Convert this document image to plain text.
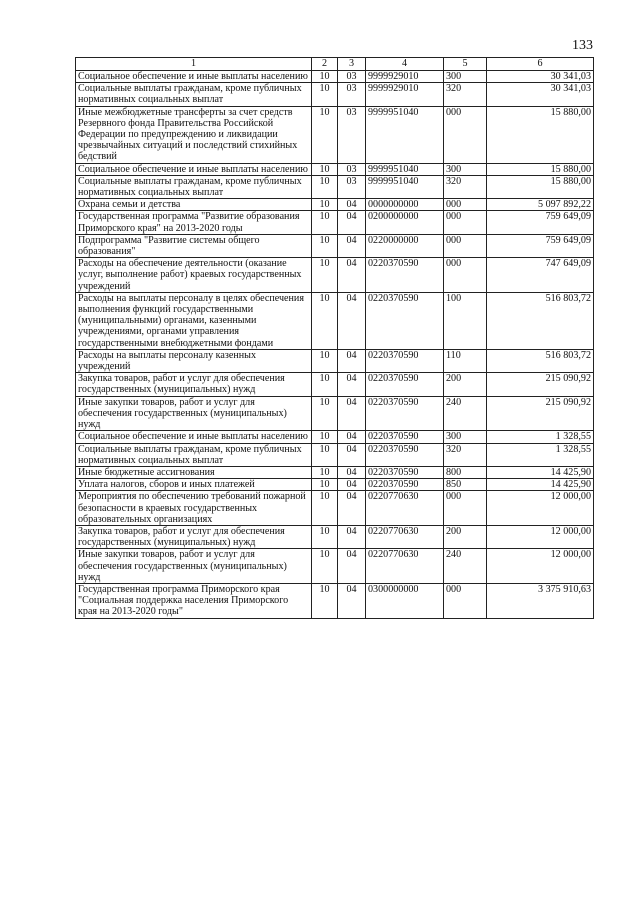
133
1	2	3	4	5	6
Социальное обеспечение и иные выплаты населению	10	03	9999929010	300	30 341,03
Социальные выплаты гражданам, кроме публичных нормативных социальных выплат	10	03	9999929010	320	30 341,03
Иные межбюджетные трансферты за счет средств Резервного фонда Правительства Российской Федерации по предупреждению и ликвидации чрезвычайных ситуаций и последствий стихийных бедствий	10	03	9999951040	000	15 880,00
Социальное обеспечение и иные выплаты населению	10	03	9999951040	300	15 880,00
Социальные выплаты гражданам, кроме публичных нормативных социальных выплат	10	03	9999951040	320	15 880,00
Охрана семьи и детства	10	04	0000000000	000	5 097 892,22
Государственная программа "Развитие образования Приморского края" на 2013-2020 годы	10	04	0200000000	000	759 649,09
Подпрограмма "Развитие системы общего образования"	10	04	0220000000	000	759 649,09
Расходы на обеспечение деятельности (оказание услуг, выполнение работ) краевых государственных учреждений	10	04	0220370590	000	747 649,09
Расходы на выплаты персоналу в целях обеспечения выполнения функций государственными (муниципальными) органами, казенными учреждениями, органами управления государственными внебюджетными фондами	10	04	0220370590	100	516 803,72
Расходы на выплаты персоналу казенных учреждений	10	04	0220370590	110	516 803,72
Закупка товаров, работ и услуг для обеспечения государственных (муниципальных) нужд	10	04	0220370590	200	215 090,92
Иные закупки товаров, работ и услуг для обеспечения государственных (муниципальных) нужд	10	04	0220370590	240	215 090,92
Социальное обеспечение и иные выплаты населению	10	04	0220370590	300	1 328,55
Социальные выплаты гражданам, кроме публичных нормативных социальных выплат	10	04	0220370590	320	1 328,55
Иные бюджетные ассигнования	10	04	0220370590	800	14 425,90
Уплата налогов, сборов и иных платежей	10	04	0220370590	850	14 425,90
Мероприятия по обеспечению требований пожарной безопасности в краевых государственных образовательных организациях	10	04	0220770630	000	12 000,00
Закупка товаров, работ и услуг для обеспечения государственных (муниципальных) нужд	10	04	0220770630	200	12 000,00
Иные закупки товаров, работ и услуг для обеспечения государственных (муниципальных) нужд	10	04	0220770630	240	12 000,00
Государственная программа Приморского края "Социальная поддержка населения Приморского края на 2013-2020 годы"	10	04	0300000000	000	3 375 910,63
